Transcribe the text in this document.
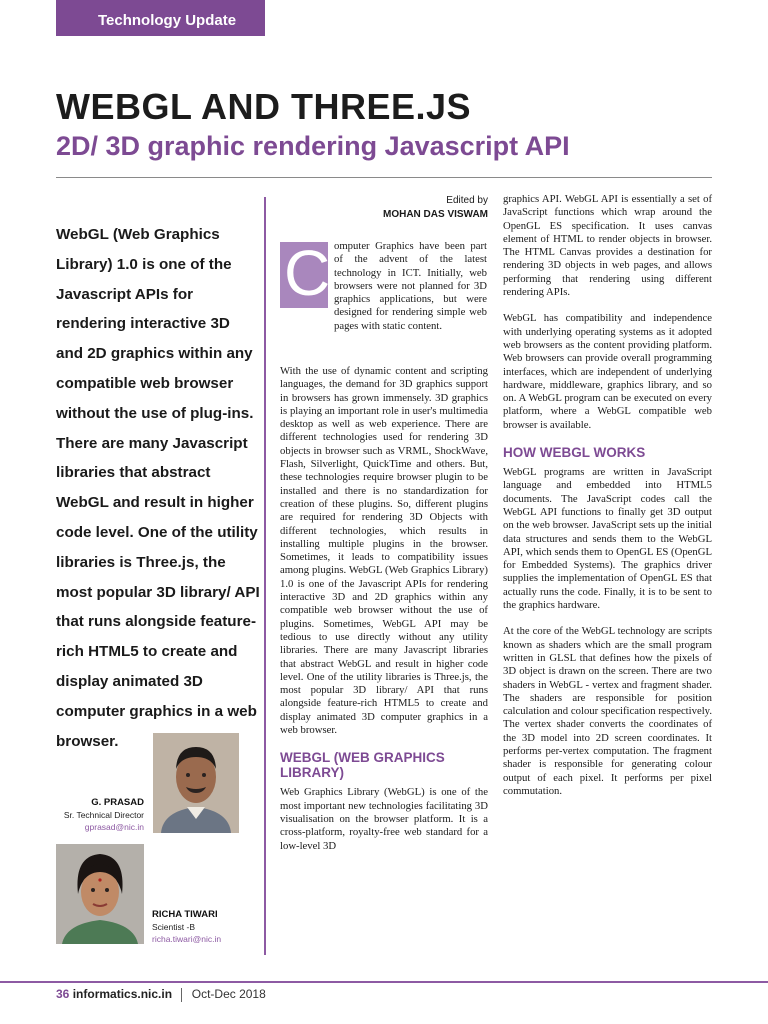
Technology Update
WEBGL AND THREE.JS
2D/ 3D graphic rendering Javascript API
WebGL (Web Graphics Library) 1.0 is one of the Javascript APIs for rendering interactive 3D and 2D graphics within any compatible web browser without the use of plug-ins. There are many Javascript libraries that abstract WebGL and result in higher code level. One of the utility libraries is Three.js, the most popular 3D library/ API that runs alongside feature-rich HTML5 to create and display animated 3D computer graphics in a web browser.
G. PRASAD
Sr. Technical Director
gprasad@nic.in
RICHA TIWARI
Scientist -B
richa.tiwari@nic.in
Edited by
MOHAN DAS VISWAM
C omputer Graphics have been part of the advent of the latest technology in ICT. Initially, web browsers were not planned for 3D graphics applications, but were designed for rendering simple web pages with static content.

With the use of dynamic content and scripting languages, the demand for 3D graphics support in browsers has grown immensely. 3D graphics is playing an important role in user's multimedia desktop as well as web experience. There are different technologies used for rendering 3D objects in browser such as VRML, ShockWave, Flash, Silverlight, QuickTime and others. But, these technologies require browser plugin to be installed and there is no standardization for creation of these plugins. So, different plugins are required for rendering 3D Objects with different technologies, which results in installing multiple plugins in the browser. Sometimes, it leads to compatibility issues among plugins. WebGL (Web Graphics Library) 1.0 is one of the Javascript APIs for rendering interactive 3D and 2D graphics within any compatible web browser without the use of plugins. Sometimes, WebGL API may be tedious to use directly without any utility libraries. There are many Javascript libraries that abstract WebGL and result in higher code level. One of the utility libraries is Three.js, the most popular 3D library/ API that runs alongside feature-rich HTML5 to create and display animated 3D computer graphics in a web browser.

WEBGL (WEB GRAPHICS LIBRARY)

Web Graphics Library (WebGL) is one of the most important new technologies facilitating 3D visualisation on the browser platform. It is a cross-platform, royalty-free web standard for a low-level 3D

graphics API. WebGL API is essentially a set of JavaScript functions which wrap around the OpenGL ES specification. It uses canvas element of HTML to render objects in browser. The HTML Canvas provides a destination for rendering 3D objects in web pages, and allows performing that rendering using different rendering APIs.

WebGL has compatibility and independence with underlying operating systems as it adopted web browsers as the content providing platform. Web browsers can provide overall programming interfaces, which are independent of underlying hardware, middleware, graphics library, and so on. A WebGL program can be executed on every platform, where a WebGL compatible web browser is available.

HOW WEBGL WORKS

WebGL programs are written in JavaScript language and embedded into HTML5 documents. The JavaScript codes call the WebGL API functions to finally get 3D output on the web browser. JavaScript sets up the initial data structures and sends them to the WebGL API, which sends them to OpenGL ES (OpenGL for Embedded Systems). The graphics driver supplies the implementation of OpenGL ES that actually runs the code. Finally, it is to be sent to the graphics hardware.

At the core of the WebGL technology are scripts known as shaders which are the small program written in GLSL that defines how the pixels of 3D object is drawn on the screen. There are two shaders in WebGL - vertex and fragment shader. The shaders are responsible for position calculation and colour specification respectively. The vertex shader converts the coordinates of the 3D model into 2D screen coordinates. It performs per-vertex computation. The fragment shader is responsible for generating colour output of each pixel. It performs per pixel commutation.

36 informatics.nic.in Oct-Dec 2018
